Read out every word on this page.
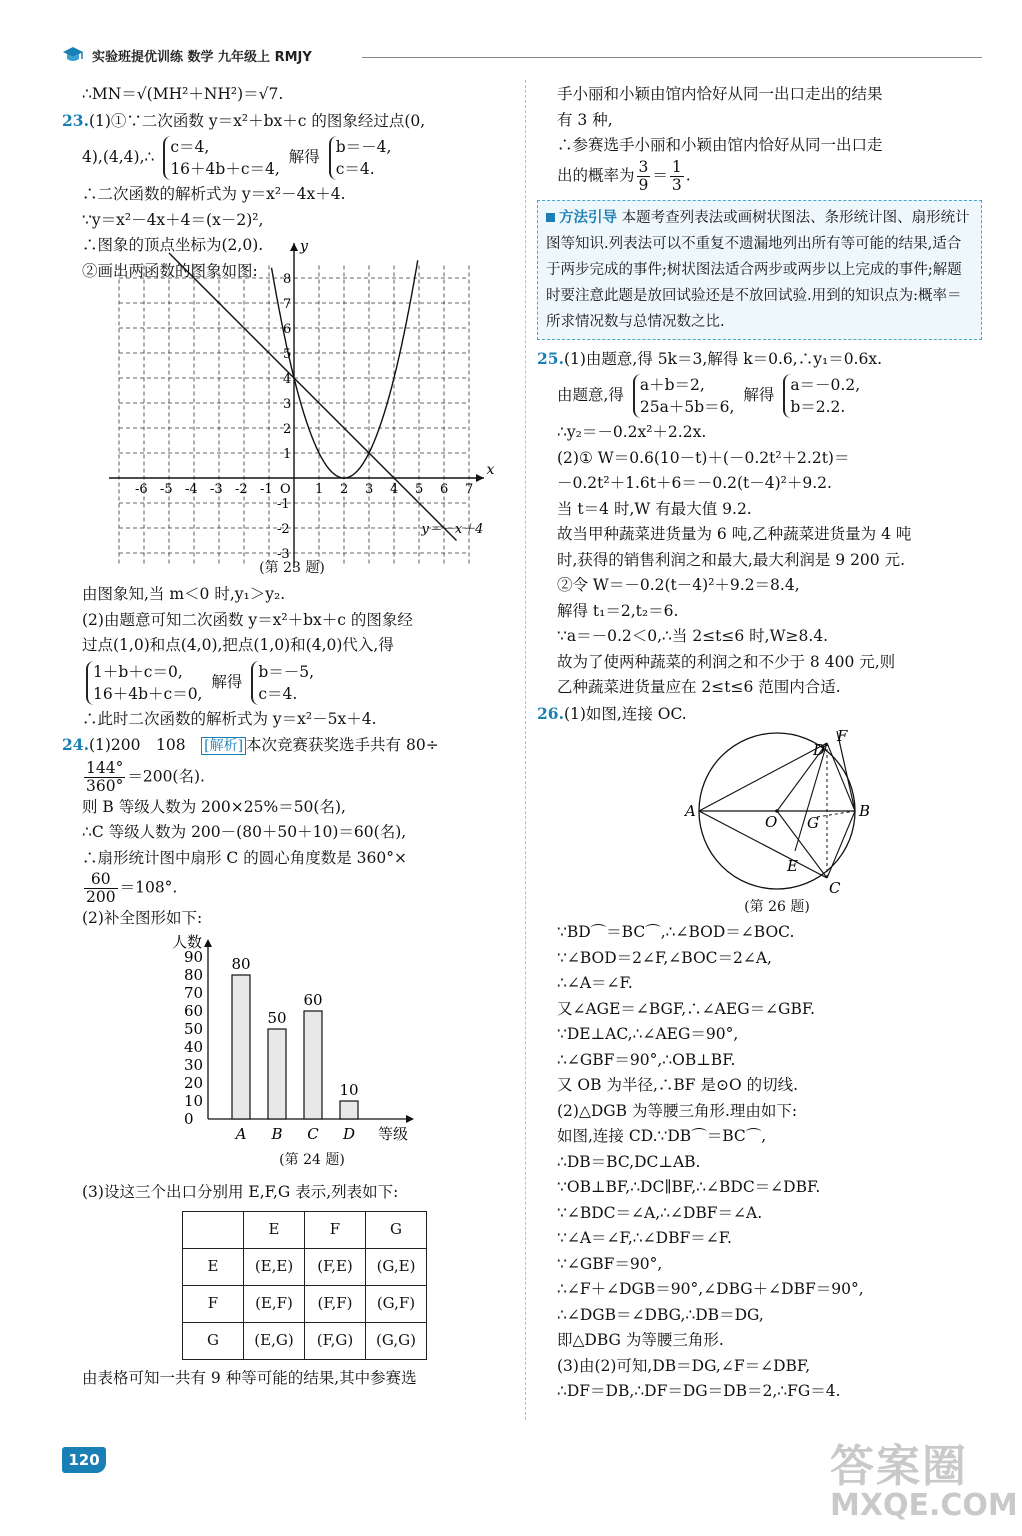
实验班提优训练 数学 九年级上 RMJY
∴MN＝√(MH²＋NH²)＝√7.
23.(1)①∵二次函数 y＝x²＋bx＋c 的图象经过点(0,
4),(4,4),∴ c＝4,
16＋4b＋c＝4, 解得 b＝－4,
c＝4.
∴二次函数的解析式为 y＝x²－4x＋4.
∵y＝x²－4x＋4＝(x－2)²,
∴图象的顶点坐标为(2,0).
②画出两函数的图象如图:
x
y
-6 -5 -4 -3 -2 -1 O 1 2 3 4 5 6 7
8
7
6
5
4
3
2
1
-1
-2
-3
y＝－x＋4
(第 23 题)
由图象知,当 m＜0 时,y₁＞y₂.
(2)由题意可知二次函数 y＝x²＋bx＋c 的图象经
过点(1,0)和点(4,0),把点(1,0)和(4,0)代入,得
1＋b＋c＝0,
16＋4b＋c＝0, 解得 b＝－5,
c＝4.
∴此时二次函数的解析式为 y＝x²－5x＋4.
24.(1)200　108　[解析] 本次竞赛获奖选手共有 80÷
$\frac{144^\circ}{360^\circ} =200$(名).
则 B 等级人数为 200×25%＝50(名),
∴C 等级人数为 200－(80＋50＋10)＝60(名),
∴扇形统计图中扇形 C 的圆心角度数是 360°×
$\frac{60}{200} =108^\circ$.
(2)补全图形如下:
人数
等级
90
80
70
60
50
40
30
20
10
0
80
A
50
B
60
C
10
D
(第 24 题)
(3)设这三个出口分别用 E,F,G 表示,列表如下:
	E	F	G
E	(E,E)	(F,E)	(G,E)
F	(E,F)	(F,F)	(G,F)
G	(E,G)	(F,G)	(G,G)
由表格可知一共有 9 种等可能的结果,其中参赛选
手小丽和小颖由馆内恰好从同一出口走出的结果
有 3 种,
∴参赛选手小丽和小颖由馆内恰好从同一出口走
出的概率为 $\frac{3}{9} = \frac{1}{3}$ .
方法引导 本题考查列表法或画树状图法、条形统计图、扇形统计图等知识.列表法可以不重复不遗漏地列出所有等可能的结果,适合于两步完成的事件;树状图法适合两步或两步以上完成的事件;解题时要注意此题是放回试验还是不放回试验.用到的知识点为:概率＝所求情况数与总情况数之比.
25.(1)由题意,得 5k＝3,解得 k＝0.6,∴y₁＝0.6x.
由题意,得 a＋b＝2,
25a＋5b＝6, 解得 a＝－0.2,
b＝2.2.
∴y₂＝－0.2x²＋2.2x.
(2)① W＝0.6(10－t)＋(－0.2t²＋2.2t)＝
－0.2t²＋1.6t＋6＝－0.2(t－4)²＋9.2.
当 t＝4 时,W 有最大值 9.2.
故当甲种蔬菜进货量为 6 吨,乙种蔬菜进货量为 4 吨
时,获得的销售利润之和最大,最大利润是 9 200 元.
②令 W＝－0.2(t－4)²＋9.2＝8.4,
解得 t₁＝2,t₂＝6.
∵a＝－0.2＜0,∴当 2≤t≤6 时,W≥8.4.
故为了使两种蔬菜的利润之和不少于 8 400 元,则
乙种蔬菜进货量应在 2≤t≤6 范围内合适.
26.(1)如图,连接 OC.
A	B
C
D
E
F
G
O
(第 26 题)
∵BD⌒＝BC⌒,∴∠BOD＝∠BOC.
∵∠BOD＝2∠F,∠BOC＝2∠A,
∴∠A＝∠F.
又∠AGE＝∠BGF,∴∠AEG＝∠GBF.
∵DE⊥AC,∴∠AEG＝90°,
∴∠GBF＝90°,∴OB⊥BF.
又 OB 为半径,∴BF 是⊙O 的切线.
(2)△DGB 为等腰三角形.理由如下:
如图,连接 CD.∵DB⌒＝BC⌒,
∴DB＝BC,DC⊥AB.
∵OB⊥BF,∴DC∥BF,∴∠BDC＝∠DBF.
∵∠BDC＝∠A,∴∠DBF＝∠A.
∵∠A＝∠F,∴∠DBF＝∠F.
∵∠GBF＝90°,
∴∠F＋∠DGB＝90°,∠DBG＋∠DBF＝90°,
∴∠DGB＝∠DBG,∴DB＝DG,
即△DBG 为等腰三角形.
(3)由(2)可知,DB＝DG,∠F＝∠DBF,
∴DF＝DB,∴DF＝DG＝DB＝2,∴FG＝4.
120	答案圈
MXQE.COM
